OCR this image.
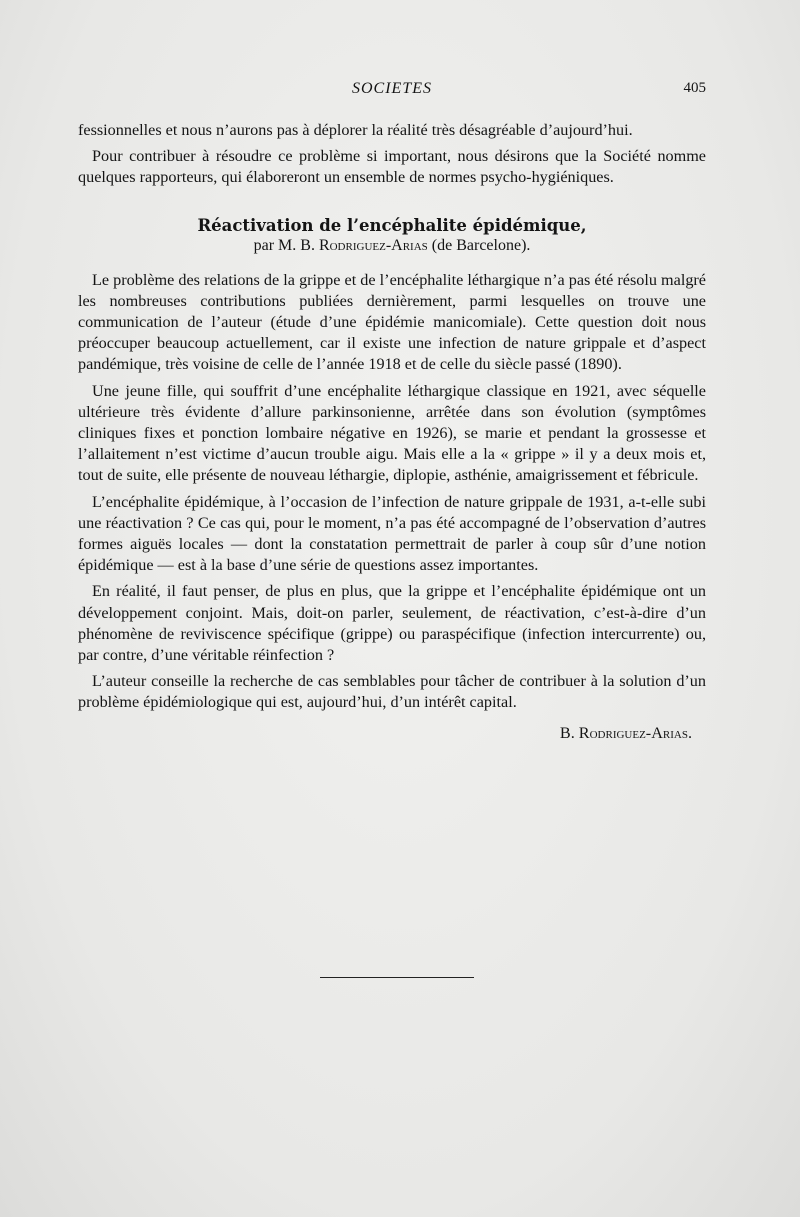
SOCIETES	405

fessionnelles et nous n’aurons pas à déplorer la réalité très désagréable d’aujourd’hui.

Pour contribuer à résoudre ce problème si important, nous désirons que la Société nomme quelques rapporteurs, qui élaboreront un ensemble de normes psycho-hygiéniques.

Réactivation de l’encéphalite épidémique,

par M. B. Rodriguez-Arias (de Barcelone).

Le problème des relations de la grippe et de l’encéphalite léthargique n’a pas été résolu malgré les nombreuses contributions publiées dernièrement, parmi lesquelles on trouve une communication de l’auteur (étude d’une épidémie manicomiale). Cette question doit nous préoccuper beaucoup actuellement, car il existe une infection de nature grippale et d’aspect pandémique, très voisine de celle de l’année 1918 et de celle du siècle passé (1890).

Une jeune fille, qui souffrit d’une encéphalite léthargique classique en 1921, avec séquelle ultérieure très évidente d’allure parkinsonienne, arrêtée dans son évolution (symptômes cliniques fixes et ponction lombaire négative en 1926), se marie et pendant la grossesse et l’allaitement n’est victime d’aucun trouble aigu. Mais elle a la « grippe » il y a deux mois et, tout de suite, elle présente de nouveau léthargie, diplopie, asthénie, amaigrissement et fébricule.

L’encéphalite épidémique, à l’occasion de l’infection de nature grippale de 1931, a-t-elle subi une réactivation ? Ce cas qui, pour le moment, n’a pas été accompagné de l’observation d’autres formes aiguës locales — dont la constatation permettrait de parler à coup sûr d’une notion épidémique — est à la base d’une série de questions assez importantes.

En réalité, il faut penser, de plus en plus, que la grippe et l’encéphalite épidémique ont un développement conjoint. Mais, doit-on parler, seulement, de réactivation, c’est-à-dire d’un phénomène de reviviscence spécifique (grippe) ou paraspécifique (infection intercurrente) ou, par contre, d’une véritable réinfection ?

L’auteur conseille la recherche de cas semblables pour tâcher de contribuer à la solution d’un problème épidémiologique qui est, aujourd’hui, d’un intérêt capital.

B. Rodriguez-Arias.
